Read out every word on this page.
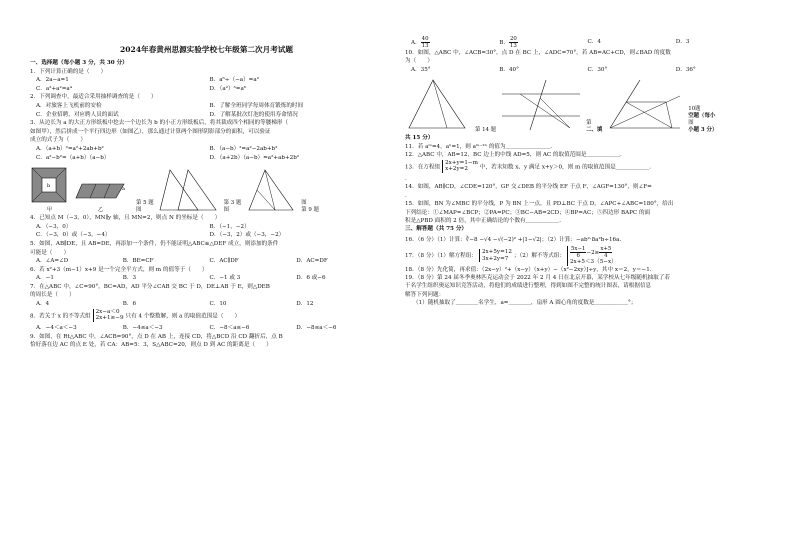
2024年春黄州思源实验学校七年级第二次月考试题
一、选择题（每小题 3 分，共 30 分）
1．下列计算正确的是（　　）
A．2a−a=1	B．a⁶÷（−a）=a²
C．a²+a²=a⁴	D．（a²）³=a⁶
2．下列调查中，最适合采用抽样调查的是（　　）
A．对旅客上飞机前的安检	B．了解全班同学每周体育锻炼的时间
C．企业招聘，对应聘人员的面试	D．了解某批次灯泡的使用寿命情况
3．从边长为 a 的大正方形纸板中挖去一个边长为 b 的小正方形纸板后，将其裁成四个相同的等腰梯形（
如图甲），然后拼成一个平行四边形（如图乙），那么通过计算两个图形阴影部分的面积，可以验证
成立的式子为（　　）
A．（a+b）²=a²+2ab+b²	B．（a−b）²=a²−2ab+b²
C．a²−b²=（a+b）（a−b）	D．（a+2b）（a−b）=a²+ab+2b²
b
甲
a
乙
第 5 题
图
第 3 题
图
图
第 9 题
4．已知点 M（−3，0），MN∥y 轴，且 MN=2，则点 N 的坐标是（　　）
A．（−3，0）	B．（−1，−2）
C．（−3，0）或（−3，−4）	D．（−3，2）或（−3，−2）
5．如图，AB∥DE，且 AB=DE，再添加一个条件，仍不能证明△ABC≌△DEF 成立，则添加的条件
可能是（　　）
A．∠A=∠D	B．BE=CF	C．AC∥DF	D．AC=DF
6．若 x²+3（m−1）x+9 是一个完全平方式，则 m 的值等于（　　）
A．−1	B．3	C．−1 或 3	D．6 或−6
7．在△ABC 中，∠C=90°，BC=AD，AD 平分∠CAB 交 BC 于 D，DE⊥AB 于 E，则△DEB
的周长是（　　）
A．4	B．6	C．10	D．12
8．若关于 x 的不等式组
2x−a＜0
2x+1≥−9 只有 4 个整数解，则 a 的取值范围是（　　）
A．−4＜a＜−3	B．−4≤a＜−3	C．−8＜a≤−6	D．−8≤a＜−6
9．如图，在 Rt△ABC 中，∠ACB=90°，点 D 在 AB 上，连接 CD，将△BCD 沿 CD 翻折后，点 B
恰好落在边 AC 的点 E 处，若 CA：AB=5：3，S△ABC=20，则点 D 到 AC 的距离是（　　）
A． $\frac{40}{13}$	B． $\frac{20}{13}$	C．4	D．3
10．如图，△ABC 中，∠ACB=30°，点 D 在 BC 上，∠ADC=70°，若 AB=AC+CD，则∠BAD 的度数
为（　　）
A．35°	B．40°	C．30°	D．36°
第 14 题
第
二、填
10题
空题（每小
图
小题 3 分）
共 15 分）
11．若 aᵐ=4，aⁿ=1，则 aᵐ⁻²ⁿ 的值为＿＿＿＿＿＿＿＿．
12．△ABC 中，AB=12，BC 边上的中线 AD=5，则 AC 的取值范围是＿＿＿＿＿＿．
13．在方程组
2x+y=1−m
x+2y=2	中，若未知数 x、y 满足 x+y＞0，则 m 的取值范围是＿＿＿＿＿＿．
．
14．如图，AB∥CD，∠CDE=120°，GF 交∠DEB 的平分线 EF 于点 F，∠AGF=130°，则∠F=
．
15．如图，BN 为∠MBC 的平分线，P 为 BN 上一点，且 PD⊥BC 于点 D，∠APC+∠ABC=180°，给出
下列结论：①∠MAP=∠BCP；②PA=PC；③BC−AB=2CD；④BP=AC；⑤四边形 BAPC 的面
积是△PBD 面积的 2 倍，其中正确结论的个数有＿＿＿＿＿＿．
三、解答题（共 75 分）
16．（6 分）（1）计算：∛−8 −√4 −√(−2)² +|1−√2|；（2）计算：−ab²·8a²b÷16a．
17．（8 分）（1）解方程组：
2x+5y=12
3x+2y=7 ；（2）解不等式组： $\frac{5x-1}{6} -2\ge \frac{x+5}{4}$
2x+5＜3（5−x）
18．（8 分）先化简，再求值：（2x−y）²+（x−y）（x+y）−（x²−2xy）]÷y，其中 x＝2，y＝−1．
19．（8 分）第 24 届冬季奥林匹克运动会于 2022 年 2 月 4 日在北京开幕，某学校从七年级随机抽取了若
干名学生组织奥运知识竞答活动，将他们的成绩进行整理，得到如图不完整的统计图表，请根据信息
解答下列问题：
（1）随机抽取了＿＿＿＿名学生，a=＿＿＿＿，扇形 A 圆心角的度数是＿＿＿＿＿＿°；
